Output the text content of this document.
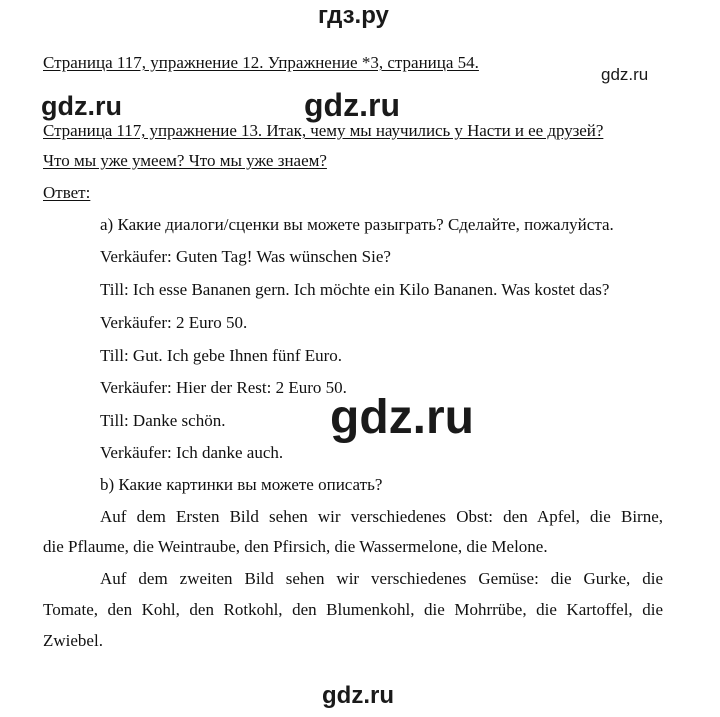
гдз.ру
gdz.ru
gdz.ru	gdz.ru
Страница 117, упражнение 12. Упражнение *3, страница 54.
Страница 117, упражнение 13. Итак, чему мы научились у Насти и ее друзей?
Что мы уже умеем? Что мы уже знаем?
Ответ:
а) Какие диалоги/сценки вы можете разыграть? Сделайте, пожалуйста.
Verkäufer: Guten Tag! Was wünschen Sie?
Till: Ich esse Bananen gern. Ich möchte ein Kilo Bananen. Was kostet das?
Verkäufer: 2 Euro 50.
Till: Gut. Ich gebe Ihnen fünf Euro.
Verkäufer: Hier der Rest: 2 Euro 50.
Till: Danke schön.
Verkäufer: Ich danke auch.
gdz.ru
b) Какие картинки вы можете описать?
Auf dem Ersten Bild sehen wir verschiedenes Obst: den Apfel, die Birne,
die Pflaume, die Weintraube, den Pfirsich, die Wassermelone, die Melone.
Auf dem zweiten Bild sehen wir verschiedenes Gemüse: die Gurke, die
Tomate, den Kohl, den Rotkohl, den Blumenkohl, die Mohrrübe, die Kartoffel, die
Zwiebel.
gdz.ru
